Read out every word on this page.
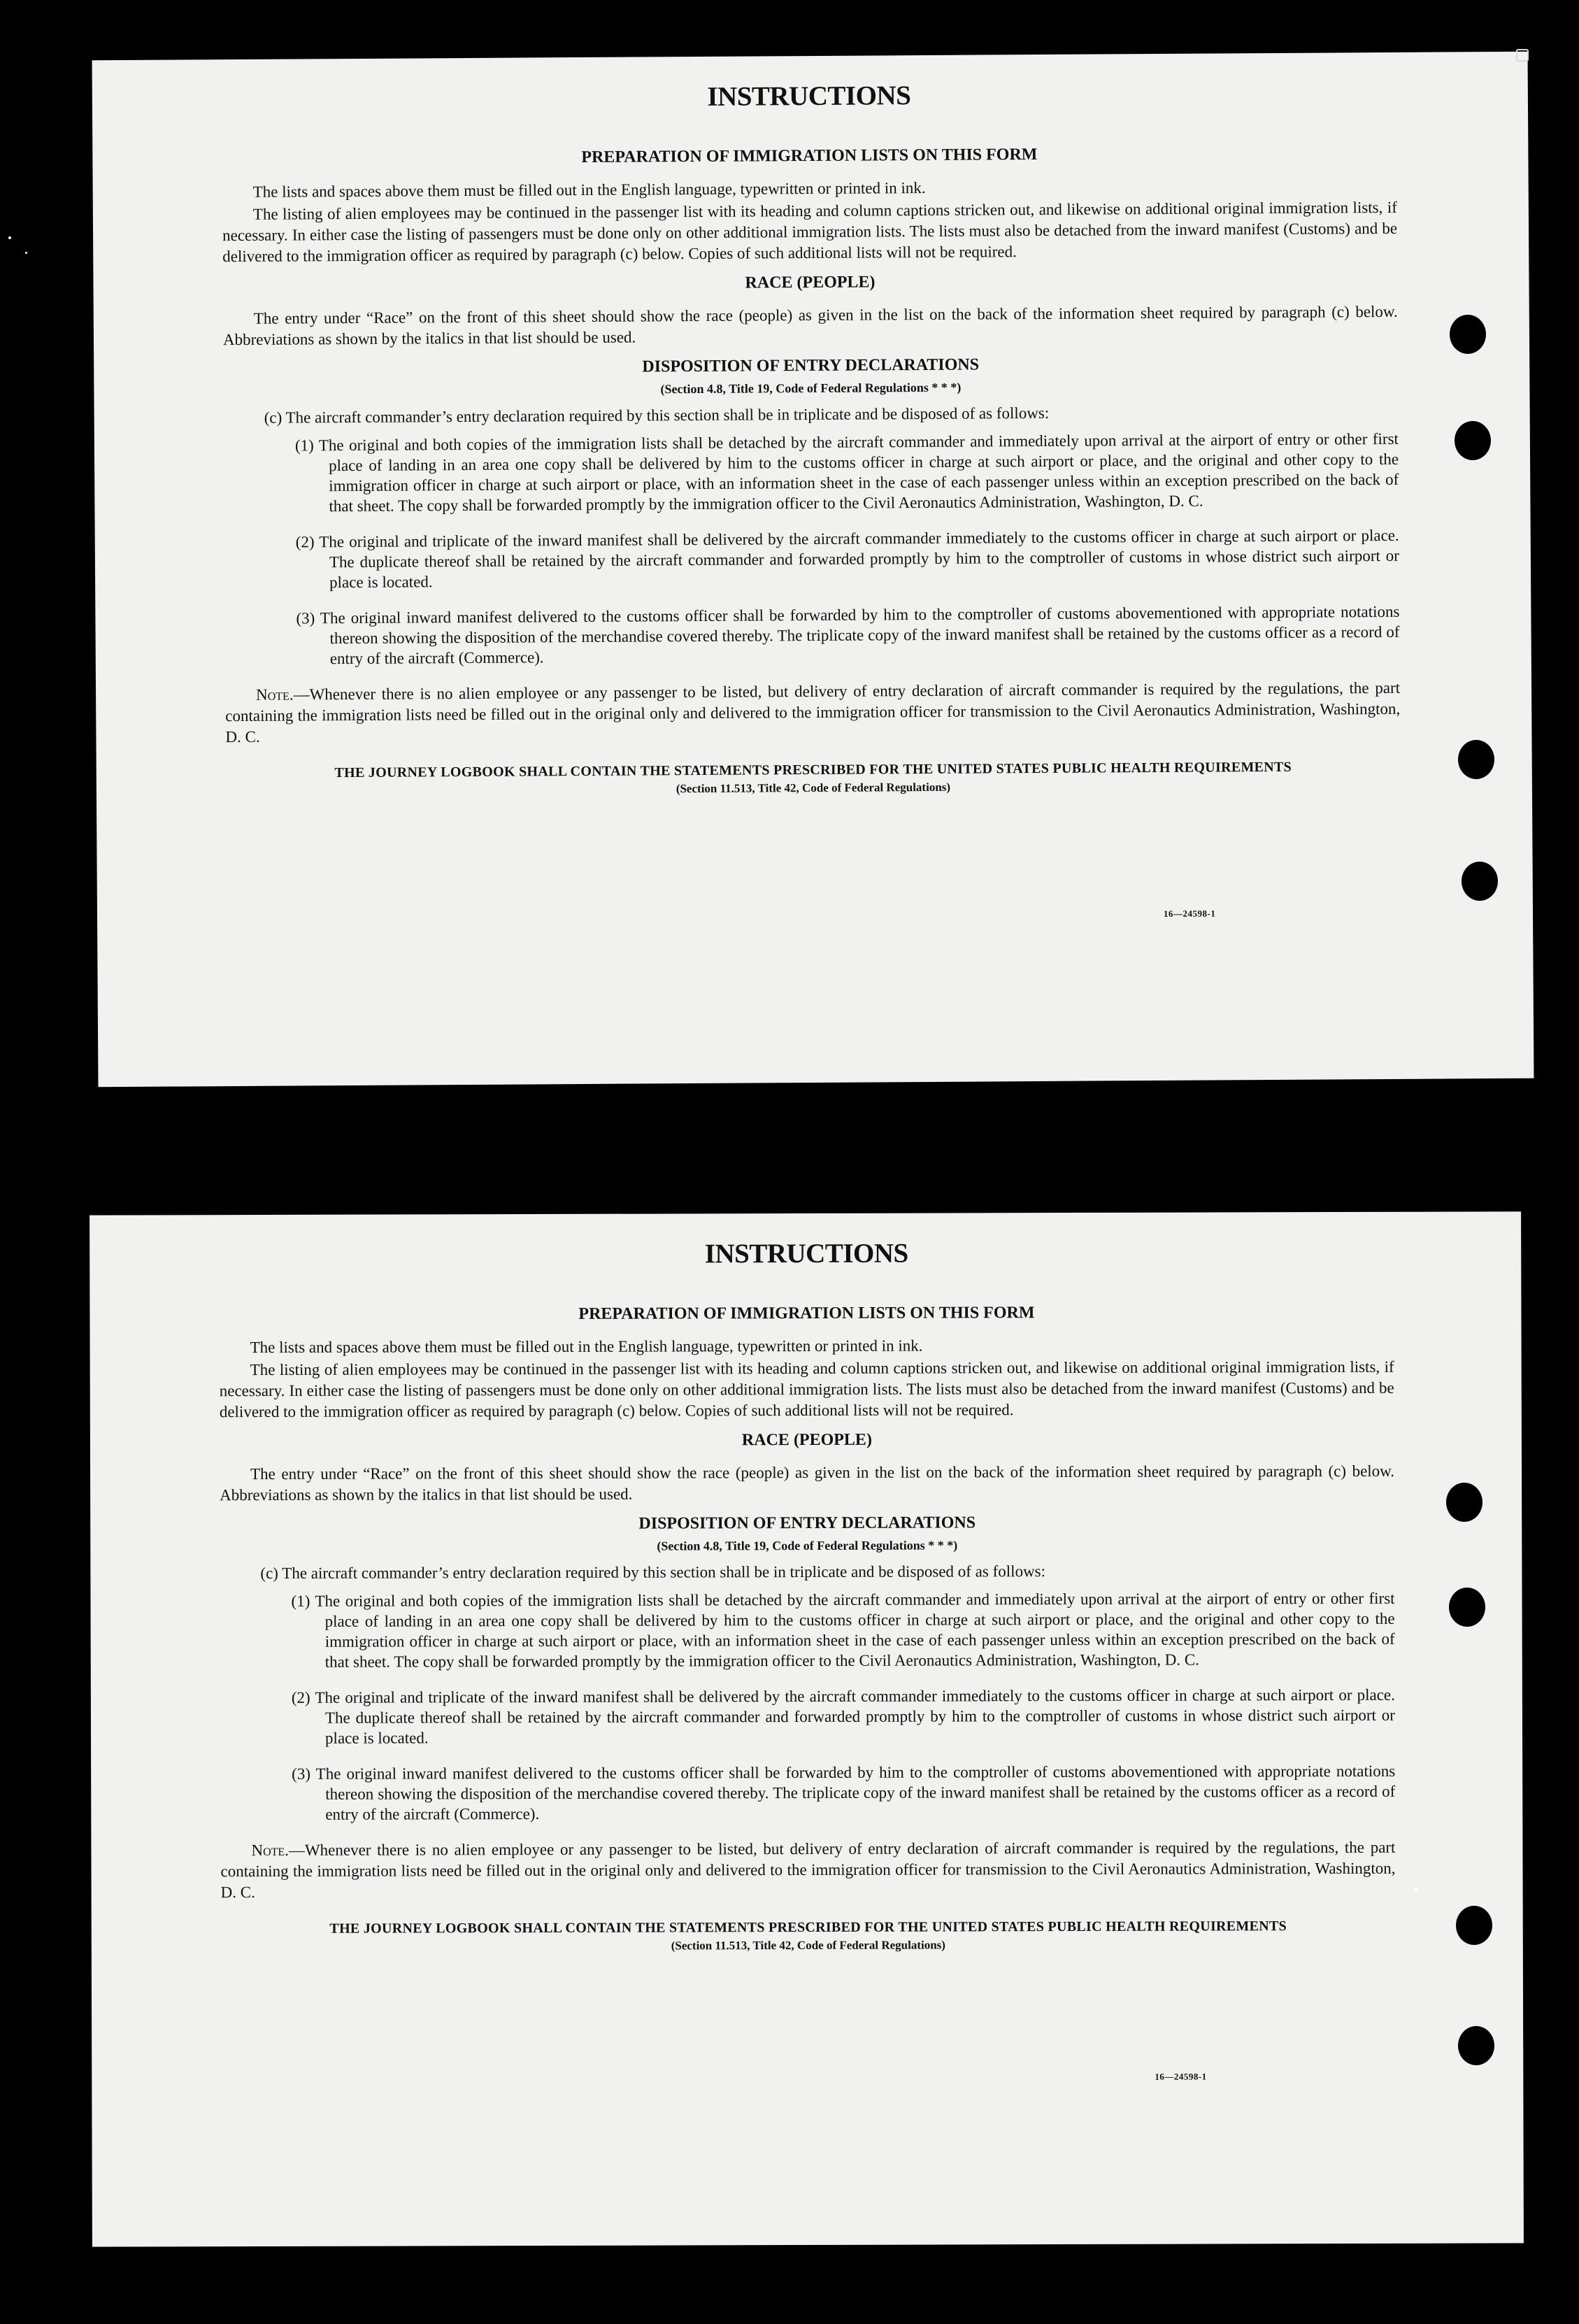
INSTRUCTIONS
PREPARATION OF IMMIGRATION LISTS ON THIS FORM

The lists and spaces above them must be filled out in the English language, typewritten or printed in ink.

The listing of alien employees may be continued in the passenger list with its heading and column captions stricken out, and likewise on additional original immigration lists, if necessary. In either case the listing of passengers must be done only on other additional immigration lists. The lists must also be detached from the inward manifest (Customs) and be delivered to the immigration officer as required by paragraph (c) below. Copies of such additional lists will not be required.

RACE (PEOPLE)

The entry under “Race” on the front of this sheet should show the race (people) as given in the list on the back of the information sheet required by paragraph (c) below. Abbreviations as shown by the italics in that list should be used.

DISPOSITION OF ENTRY DECLARATIONS
(Section 4.8, Title 19, Code of Federal Regulations * * *)

(c) The aircraft commander’s entry declaration required by this section shall be in triplicate and be disposed of as follows:

(1) The original and both copies of the immigration lists shall be detached by the aircraft commander and immediately upon arrival at the airport of entry or other first place of landing in an area one copy shall be delivered by him to the customs officer in charge at such airport or place, and the original and other copy to the immigration officer in charge at such airport or place, with an information sheet in the case of each passenger unless within an exception prescribed on the back of that sheet. The copy shall be forwarded promptly by the immigration officer to the Civil Aeronautics Administration, Washington, D. C.
(2) The original and triplicate of the inward manifest shall be delivered by the aircraft commander immediately to the customs officer in charge at such airport or place. The duplicate thereof shall be retained by the aircraft commander and forwarded promptly by him to the comptroller of customs in whose district such airport or place is located.
(3) The original inward manifest delivered to the customs officer shall be forwarded by him to the comptroller of customs abovementioned with appropriate notations thereon showing the disposition of the merchandise covered thereby. The triplicate copy of the inward manifest shall be retained by the customs officer as a record of entry of the aircraft (Commerce).

Note.—Whenever there is no alien employee or any passenger to be listed, but delivery of entry declaration of aircraft commander is required by the regulations, the part containing the immigration lists need be filled out in the original only and delivered to the immigration officer for transmission to the Civil Aeronautics Administration, Washington, D. C.

THE JOURNEY LOGBOOK SHALL CONTAIN THE STATEMENTS PRESCRIBED FOR THE UNITED STATES PUBLIC HEALTH REQUIREMENTS
(Section 11.513, Title 42, Code of Federal Regulations)
16—24598-1
INSTRUCTIONS
PREPARATION OF IMMIGRATION LISTS ON THIS FORM

The lists and spaces above them must be filled out in the English language, typewritten or printed in ink.

The listing of alien employees may be continued in the passenger list with its heading and column captions stricken out, and likewise on additional original immigration lists, if necessary. In either case the listing of passengers must be done only on other additional immigration lists. The lists must also be detached from the inward manifest (Customs) and be delivered to the immigration officer as required by paragraph (c) below. Copies of such additional lists will not be required.

RACE (PEOPLE)

The entry under “Race” on the front of this sheet should show the race (people) as given in the list on the back of the information sheet required by paragraph (c) below. Abbreviations as shown by the italics in that list should be used.

DISPOSITION OF ENTRY DECLARATIONS
(Section 4.8, Title 19, Code of Federal Regulations * * *)

(c) The aircraft commander’s entry declaration required by this section shall be in triplicate and be disposed of as follows:

(1) The original and both copies of the immigration lists shall be detached by the aircraft commander and immediately upon arrival at the airport of entry or other first place of landing in an area one copy shall be delivered by him to the customs officer in charge at such airport or place, and the original and other copy to the immigration officer in charge at such airport or place, with an information sheet in the case of each passenger unless within an exception prescribed on the back of that sheet. The copy shall be forwarded promptly by the immigration officer to the Civil Aeronautics Administration, Washington, D. C.
(2) The original and triplicate of the inward manifest shall be delivered by the aircraft commander immediately to the customs officer in charge at such airport or place. The duplicate thereof shall be retained by the aircraft commander and forwarded promptly by him to the comptroller of customs in whose district such airport or place is located.
(3) The original inward manifest delivered to the customs officer shall be forwarded by him to the comptroller of customs abovementioned with appropriate notations thereon showing the disposition of the merchandise covered thereby. The triplicate copy of the inward manifest shall be retained by the customs officer as a record of entry of the aircraft (Commerce).

Note.—Whenever there is no alien employee or any passenger to be listed, but delivery of entry declaration of aircraft commander is required by the regulations, the part containing the immigration lists need be filled out in the original only and delivered to the immigration officer for transmission to the Civil Aeronautics Administration, Washington, D. C.

THE JOURNEY LOGBOOK SHALL CONTAIN THE STATEMENTS PRESCRIBED FOR THE UNITED STATES PUBLIC HEALTH REQUIREMENTS
(Section 11.513, Title 42, Code of Federal Regulations)
16—24598-1
